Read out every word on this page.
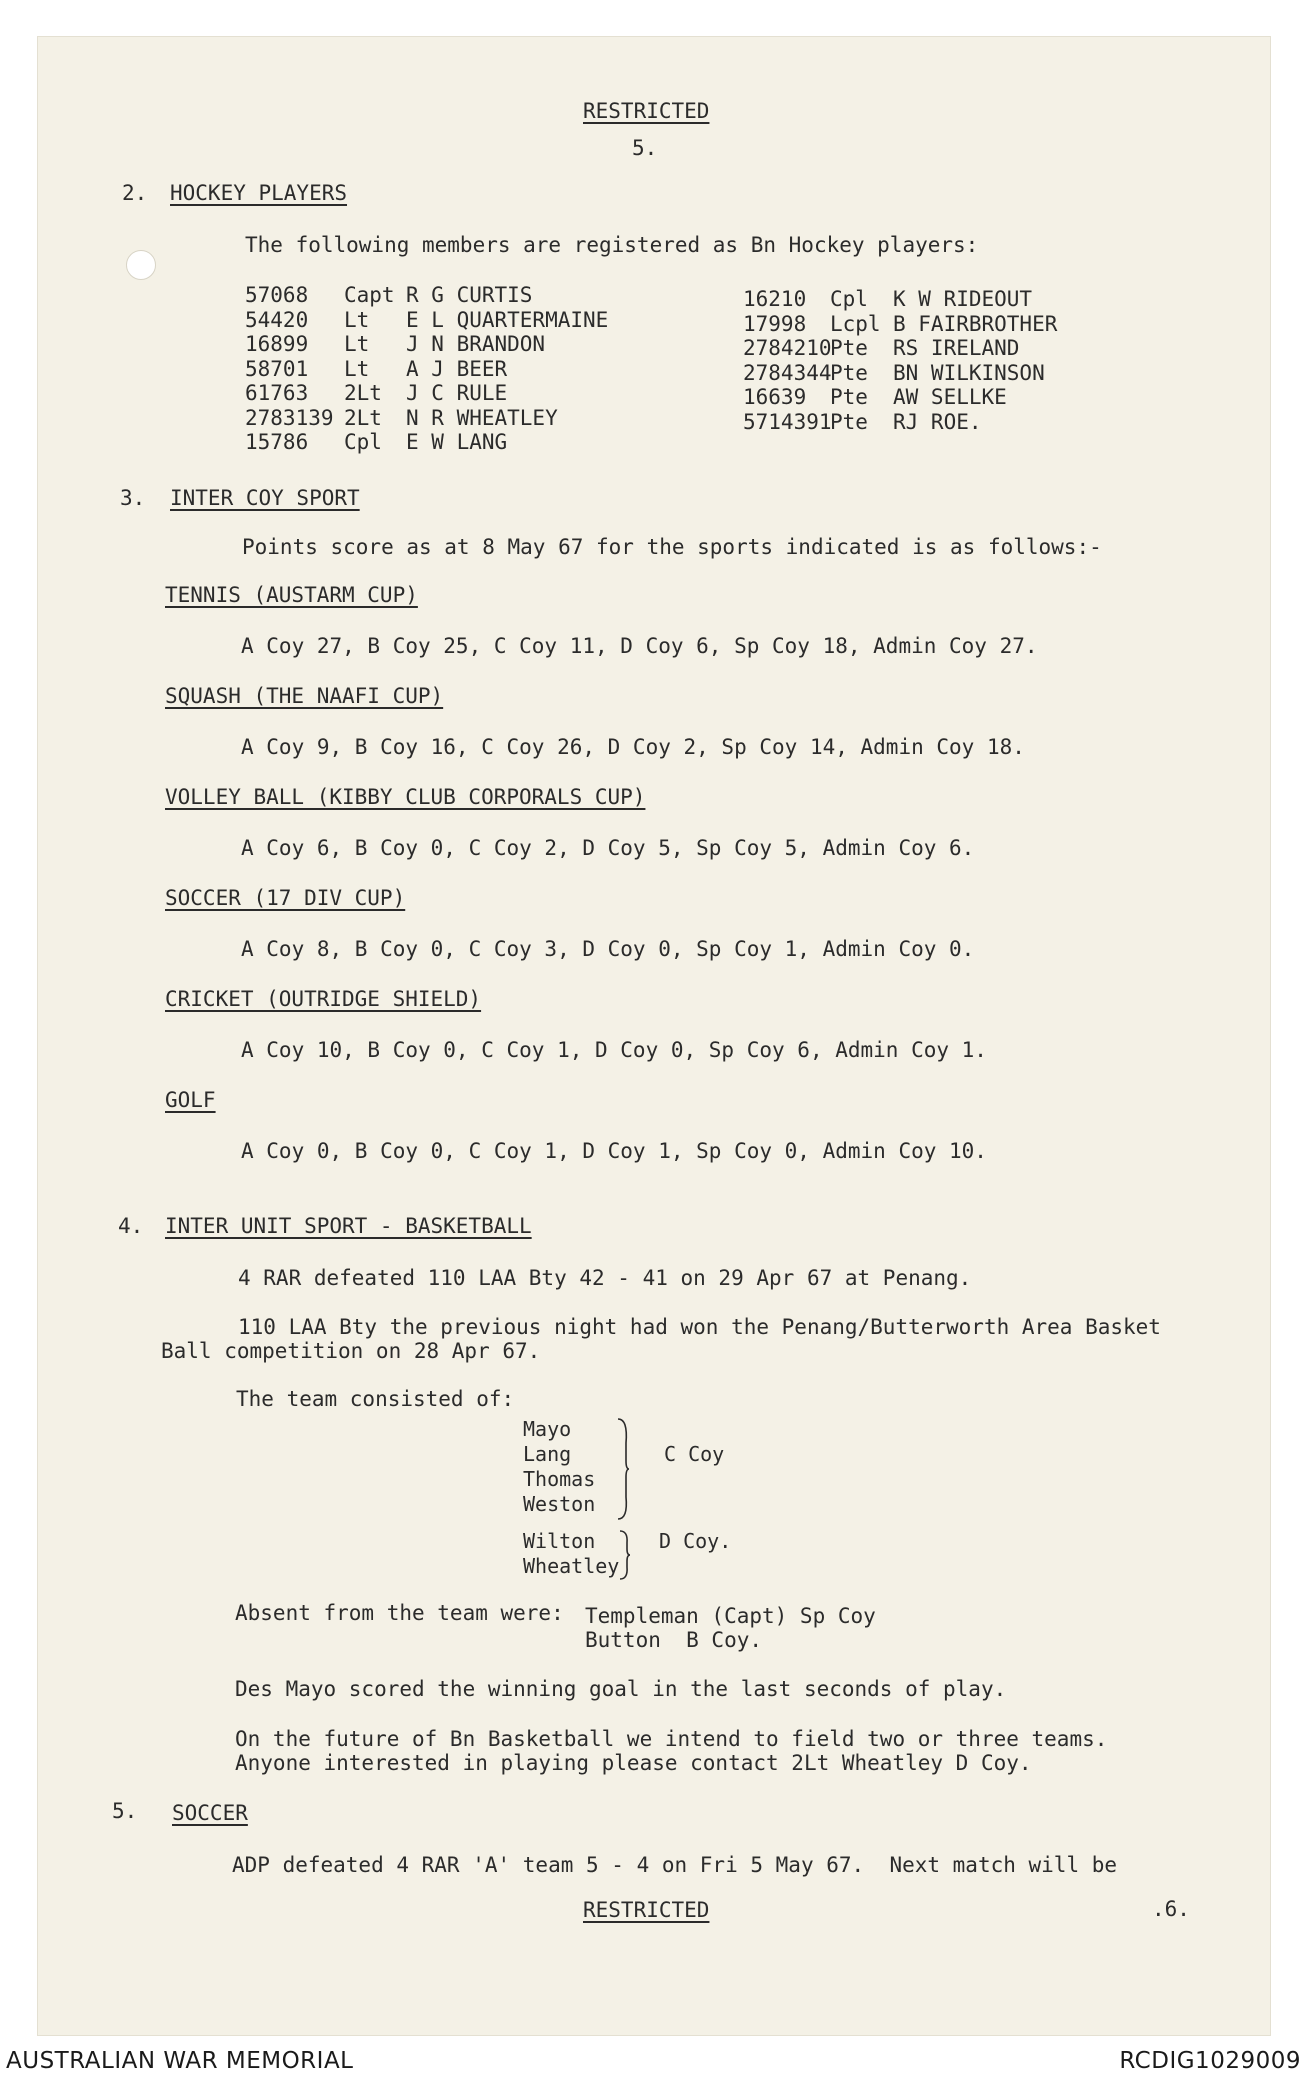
RESTRICTED
5.
2. HOCKEY PLAYERS
The following members are registered as Bn Hockey players:
57068 Capt R G CURTIS
54420 Lt E L QUARTERMAINE
16899 Lt J N BRANDON
58701 Lt A J BEER
61763 2Lt J C RULE
2783139 2Lt N R WHEATLEY
15786 Cpl E W LANG
16210 Cpl K W RIDEOUT
17998 Lcpl B FAIRBROTHER
2784210
Pte RS IRELAND
2784344
Pte BN WILKINSON
16639 Pte AW SELLKE
5714391
Pte RJ ROE.
3. INTER COY SPORT
Points score as at 8 May 67 for the sports indicated is as follows:-
TENNIS (AUSTARM CUP)
A Coy 27, B Coy 25, C Coy 11, D Coy 6, Sp Coy 18, Admin Coy 27.
SQUASH (THE NAAFI CUP)
A Coy 9, B Coy 16, C Coy 26, D Coy 2, Sp Coy 14, Admin Coy 18.
VOLLEY BALL (KIBBY CLUB CORPORALS CUP)
A Coy 6, B Coy 0, C Coy 2, D Coy 5, Sp Coy 5, Admin Coy 6.
SOCCER (17 DIV CUP)
A Coy 8, B Coy 0, C Coy 3, D Coy 0, Sp Coy 1, Admin Coy 0.
CRICKET (OUTRIDGE SHIELD)
A Coy 10, B Coy 0, C Coy 1, D Coy 0, Sp Coy 6, Admin Coy 1.
GOLF
A Coy 0, B Coy 0, C Coy 1, D Coy 1, Sp Coy 0, Admin Coy 10.
4. INTER UNIT SPORT - BASKETBALL
4 RAR defeated 110 LAA Bty 42 - 41 on 29 Apr 67 at Penang.
110 LAA Bty the previous night had won the Penang/Butterworth Area Basket
Ball competition on 28 Apr 67.
The team consisted of:
Mayo
Lang
Thomas
Weston
C Coy
Wilton
Wheatley
D Coy.
Absent from the team were: Templeman (Capt) Sp Coy
Button  B Coy.
Des Mayo scored the winning goal in the last seconds of play.
On the future of Bn Basketball we intend to field two or three teams.
Anyone interested in playing please contact 2Lt Wheatley D Coy.
5. SOCCER
ADP defeated 4 RAR 'A' team 5 - 4 on Fri 5 May 67.  Next match will be
RESTRICTED	.6.
AUSTRALIAN WAR MEMORIAL	RCDIG1029009
